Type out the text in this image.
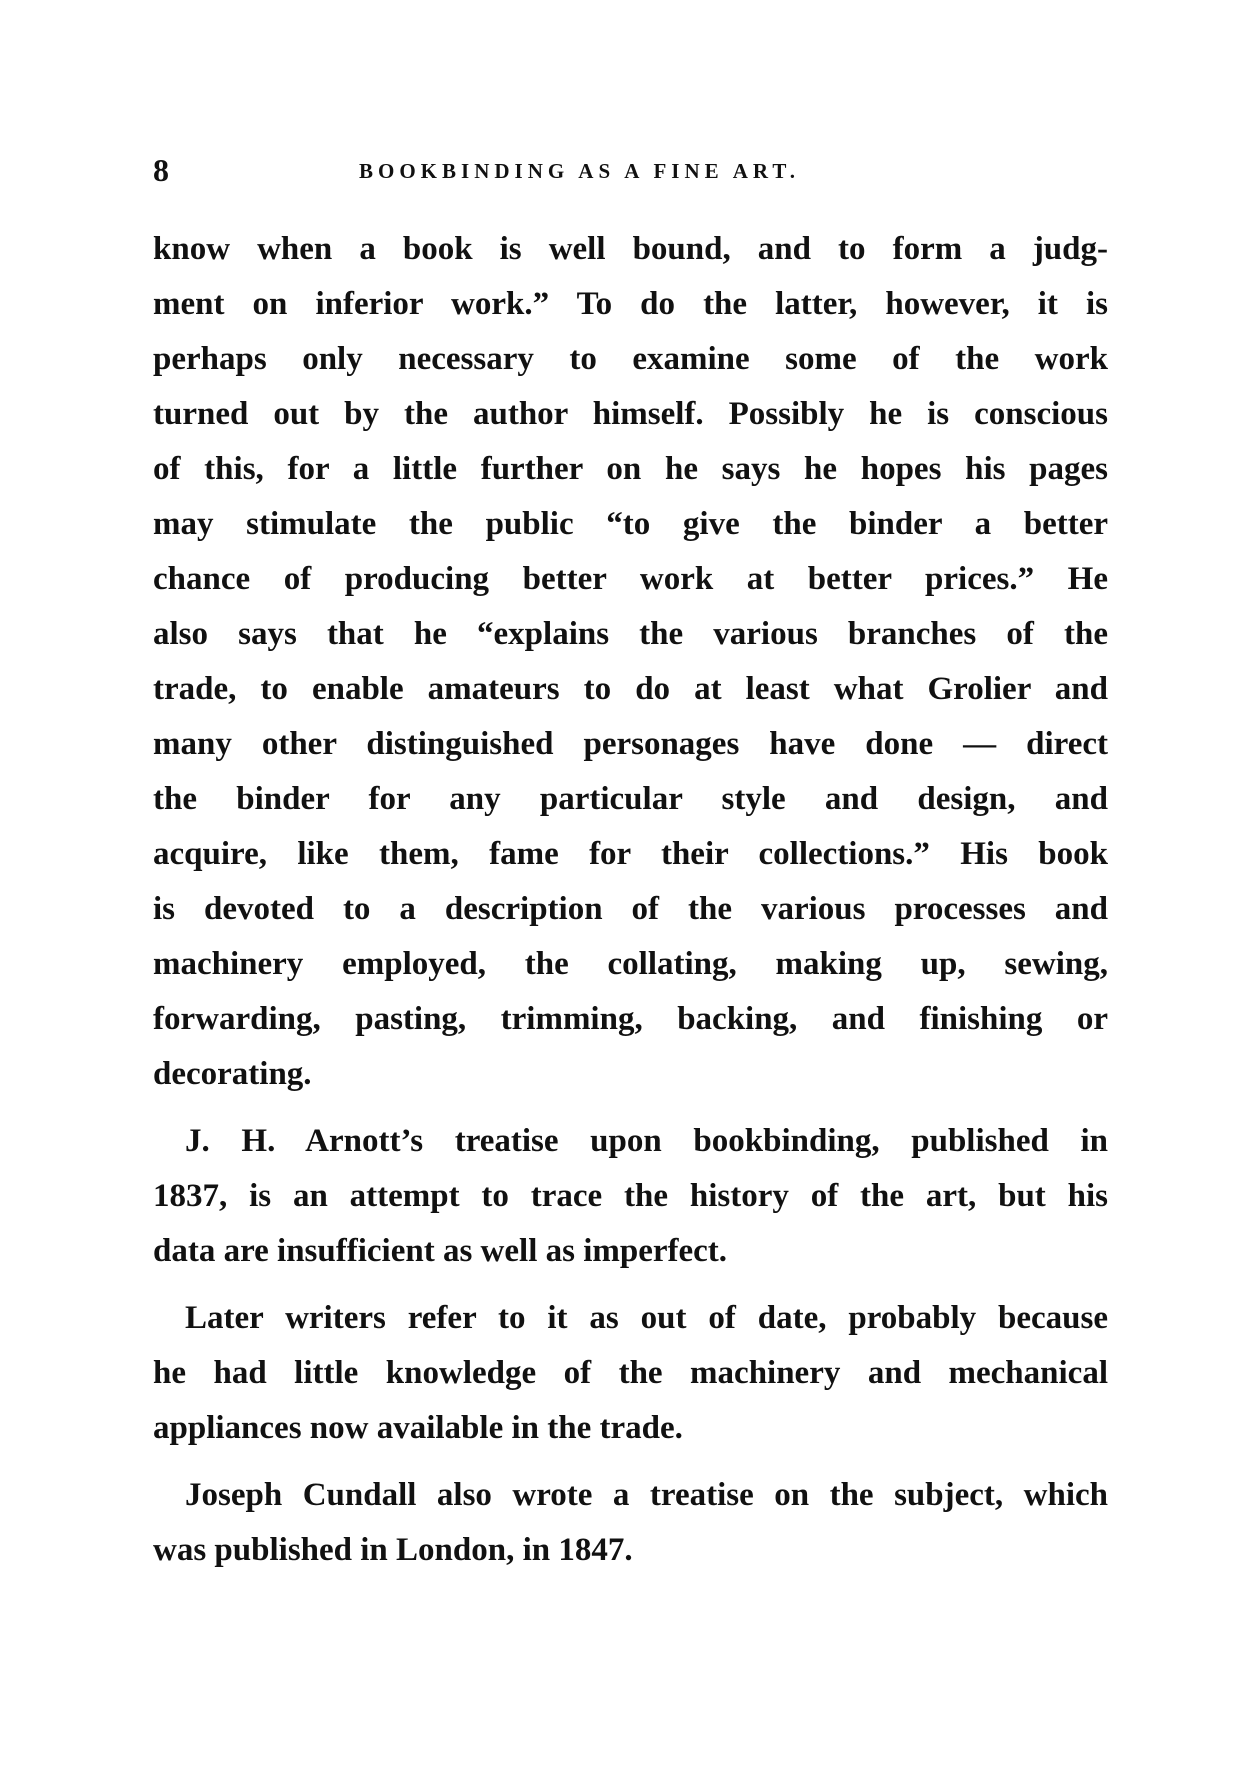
8	BOOKBINDING AS A FINE ART.

know when a book is well bound, and to form a judg-
ment on inferior work.” To do the latter, however, it is
perhaps only necessary to examine some of the work
turned out by the author himself. Possibly he is conscious
of this, for a little further on he says he hopes his pages
may stimulate the public “to give the binder a better
chance of producing better work at better prices.” He
also says that he “explains the various branches of the
trade, to enable amateurs to do at least what Grolier and
many other distinguished personages have done — direct
the binder for any particular style and design, and
acquire, like them, fame for their collections.” His book
is devoted to a description of the various processes and
machinery employed, the collating, making up, sewing,
forwarding, pasting, trimming, backing, and finishing or
decorating.

J. H. Arnott’s treatise upon bookbinding, published in
1837, is an attempt to trace the history of the art, but his
data are insufficient as well as imperfect.

Later writers refer to it as out of date, probably because
he had little knowledge of the machinery and mechanical
appliances now available in the trade.

Joseph Cundall also wrote a treatise on the subject, which
was published in London, in 1847.
